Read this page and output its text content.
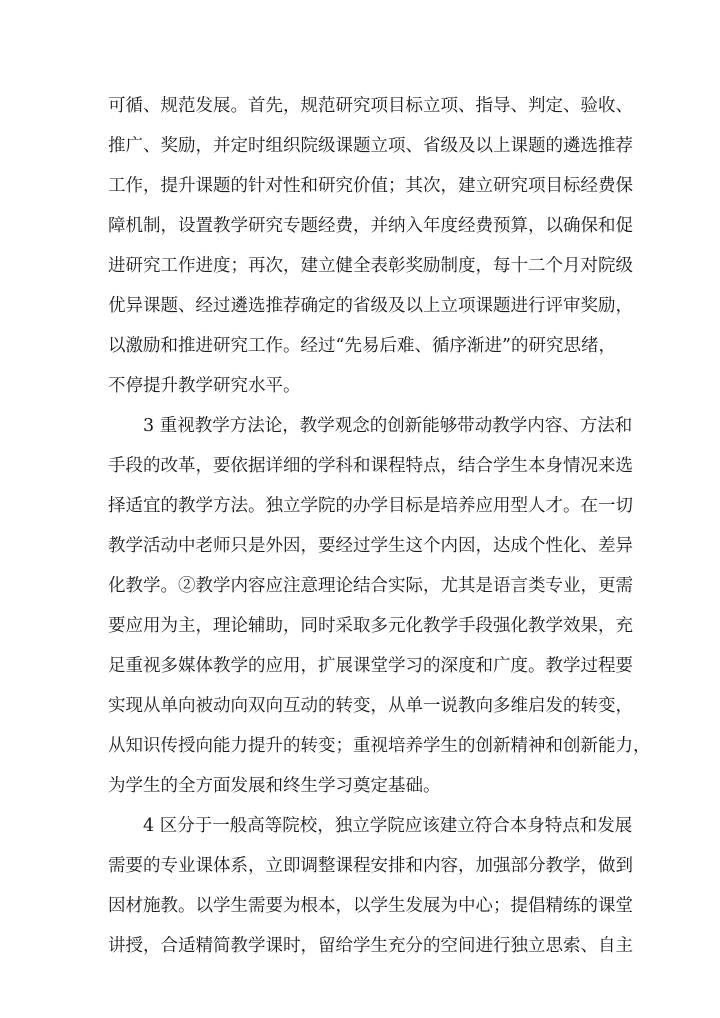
可循、规范发展。首先，规范研究项目标立项、指导、判定、验收、
推广、奖励，并定时组织院级课题立项、省级及以上课题的遴选推荐
工作，提升课题的针对性和研究价值；其次，建立研究项目标经费保
障机制，设置教学研究专题经费，并纳入年度经费预算，以确保和促
进研究工作进度；再次，建立健全表彰奖励制度，每十二个月对院级
优异课题、经过遴选推荐确定的省级及以上立项课题进行评审奖励，
以激励和推进研究工作。经过“先易后难、循序渐进”的研究思绪，
不停提升教学研究水平。
3 重视教学方法论，教学观念的创新能够带动教学内容、方法和
手段的改革，要依据详细的学科和课程特点，结合学生本身情况来选
择适宜的教学方法。独立学院的办学目标是培养应用型人才。在一切
教学活动中老师只是外因，要经过学生这个内因，达成个性化、差异
化教学。②教学内容应注意理论结合实际，尤其是语言类专业，更需
要应用为主，理论辅助，同时采取多元化教学手段强化教学效果，充
足重视多媒体教学的应用，扩展课堂学习的深度和广度。教学过程要
实现从单向被动向双向互动的转变，从单一说教向多维启发的转变，
从知识传授向能力提升的转变；重视培养学生的创新精神和创新能力，
为学生的全方面发展和终生学习奠定基础。
4 区分于一般高等院校，独立学院应该建立符合本身特点和发展
需要的专业课体系，立即调整课程安排和内容，加强部分教学，做到
因材施教。以学生需要为根本，以学生发展为中心；提倡精练的课堂
讲授，合适精简教学课时，留给学生充分的空间进行独立思索、自主
